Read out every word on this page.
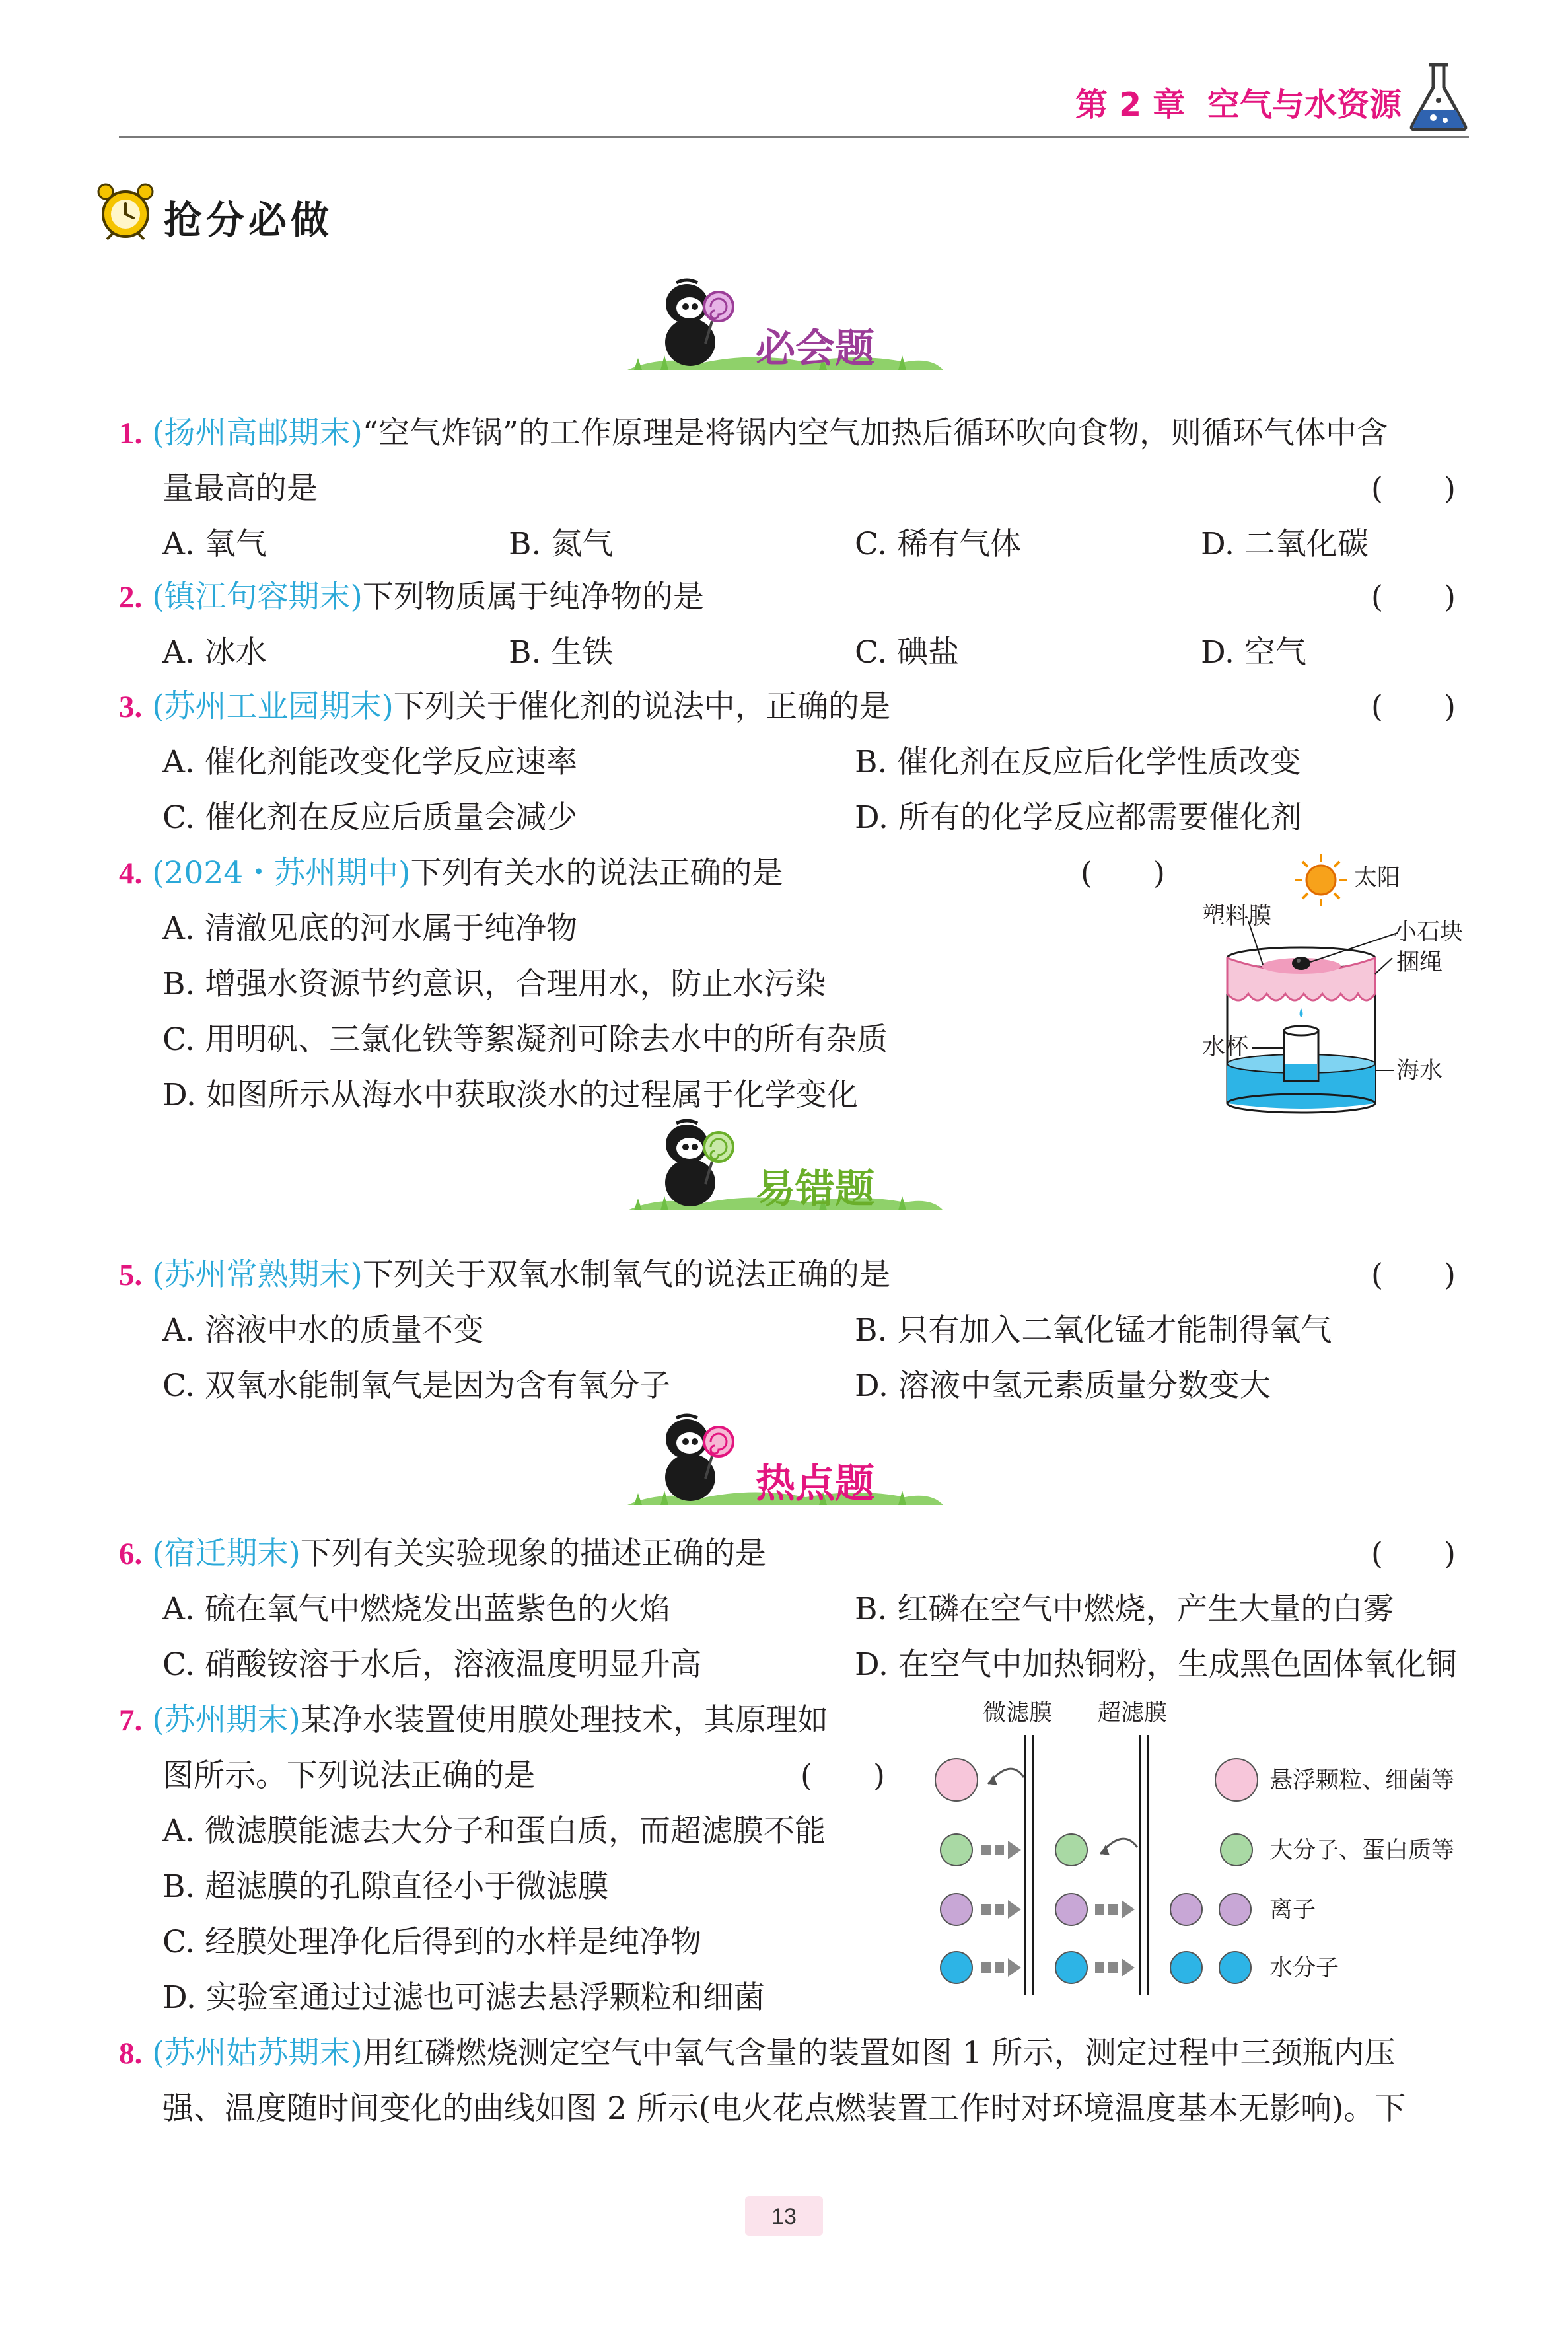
第 2 章 空气与水资源
抢分必做
必会题
易错题
热点题
1. (扬州高邮期末)“空气炸锅”的工作原理是将锅内空气加热后循环吹向食物，则循环气体中含
量最高的是	(　　)
A. 氧气	B. 氮气	C. 稀有气体	D. 二氧化碳
2. (镇江句容期末)下列物质属于纯净物的是	(　　)
A. 冰水	B. 生铁	C. 碘盐	D. 空气
3. (苏州工业园期末)下列关于催化剂的说法中，正确的是	(　　)
A. 催化剂能改变化学反应速率	B. 催化剂在反应后化学性质改变
C. 催化剂在反应后质量会减少	D. 所有的化学反应都需要催化剂
4. (2024・苏州期中)下列有关水的说法正确的是	(　　)
A. 清澈见底的河水属于纯净物
B. 增强水资源节约意识，合理用水，防止水污染
C. 用明矾、三氯化铁等絮凝剂可除去水中的所有杂质
D. 如图所示从海水中获取淡水的过程属于化学变化
太阳
塑料膜
小石块
捆绳
水杯
海水
5. (苏州常熟期末)下列关于双氧水制氧气的说法正确的是	(　　)
A. 溶液中水的质量不变	B. 只有加入二氧化锰才能制得氧气
C. 双氧水能制氧气是因为含有氧分子	D. 溶液中氢元素质量分数变大
6. (宿迁期末)下列有关实验现象的描述正确的是	(　　)
A. 硫在氧气中燃烧发出蓝紫色的火焰	B. 红磷在空气中燃烧，产生大量的白雾
C. 硝酸铵溶于水后，溶液温度明显升高	D. 在空气中加热铜粉，生成黑色固体氧化铜
7. (苏州期末)某净水装置使用膜处理技术，其原理如
图所示。下列说法正确的是	(　　)
A. 微滤膜能滤去大分子和蛋白质，而超滤膜不能
B. 超滤膜的孔隙直径小于微滤膜
C. 经膜处理净化后得到的水样是纯净物
D. 实验室通过过滤也可滤去悬浮颗粒和细菌
微滤膜 超滤膜
悬浮颗粒、细菌等
大分子、蛋白质等
离子
水分子
8. (苏州姑苏期末)用红磷燃烧测定空气中氧气含量的装置如图 1 所示，测定过程中三颈瓶内压
强、温度随时间变化的曲线如图 2 所示(电火花点燃装置工作时对环境温度基本无影响)。下
13
